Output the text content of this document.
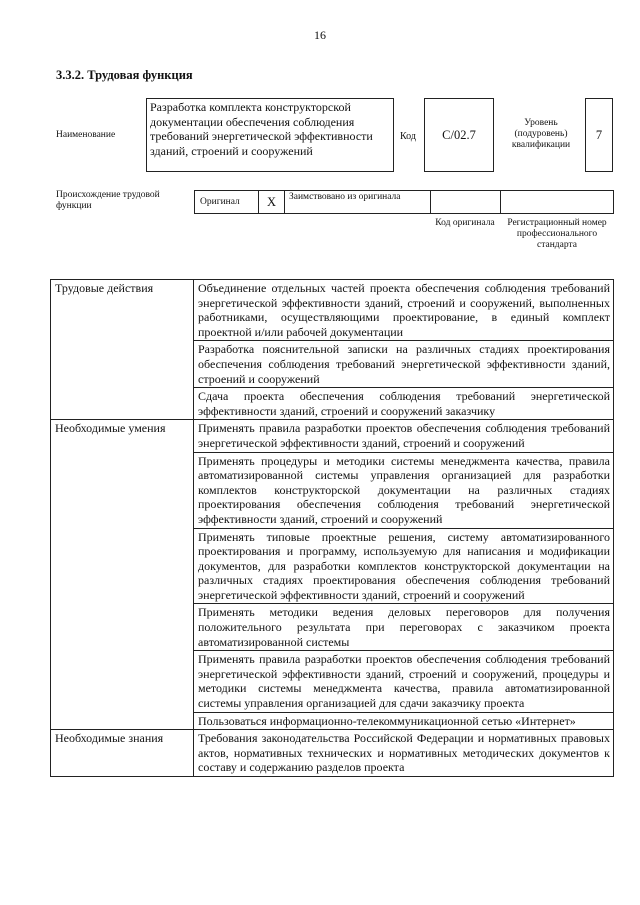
16
3.3.2. Трудовая функция
Наименование
Разработка комплекта конструкторской документации обеспечения соблюдения требований энергетической эффективности зданий, строений и сооружений
Код	С/02.7
Уровень (подуровень) квалификации
7
Происхождение трудовой функции	Оригинал	X	Заимствовано из оригинала
Код оригинала	Регистрационный номер профессионального стандарта
Трудовые действия	Объединение отдельных частей проекта обеспечения соблюдения требований энергетической эффективности зданий, строений и сооружений, выполненных работниками, осуществляющими проектирование, в единый комплект проектной и/или рабочей документации
	Разработка пояснительной записки на различных стадиях проектирования обеспечения соблюдения требований энергетической эффективности зданий, строений и сооружений
	Сдача проекта обеспечения соблюдения требований энергетической эффективности зданий, строений и сооружений заказчику
Необходимые умения	Применять правила разработки проектов обеспечения соблюдения требований энергетической эффективности зданий, строений и сооружений
	Применять процедуры и методики системы менеджмента качества, правила автоматизированной системы управления организацией для разработки комплектов конструкторской документации на различных стадиях проектирования обеспечения соблюдения требований энергетической эффективности зданий, строений и сооружений
	Применять типовые проектные решения, систему автоматизированного проектирования и программу, используемую для написания и модификации документов, для разработки комплектов конструкторской документации на различных стадиях проектирования обеспечения соблюдения требований энергетической эффективности зданий, строений и сооружений
	Применять методики ведения деловых переговоров для получения положительного результата при переговорах с заказчиком проекта автоматизированной системы
	Применять правила разработки проектов обеспечения соблюдения требований энергетической эффективности зданий, строений и сооружений, процедуры и методики системы менеджмента качества, правила автоматизированной системы управления организацией для сдачи заказчику проекта
	Пользоваться информационно-телекоммуникационной сетью «Интернет»
Необходимые знания	Требования законодательства Российской Федерации и нормативных правовых актов, нормативных технических и нормативных методических документов к составу и содержанию разделов проекта
